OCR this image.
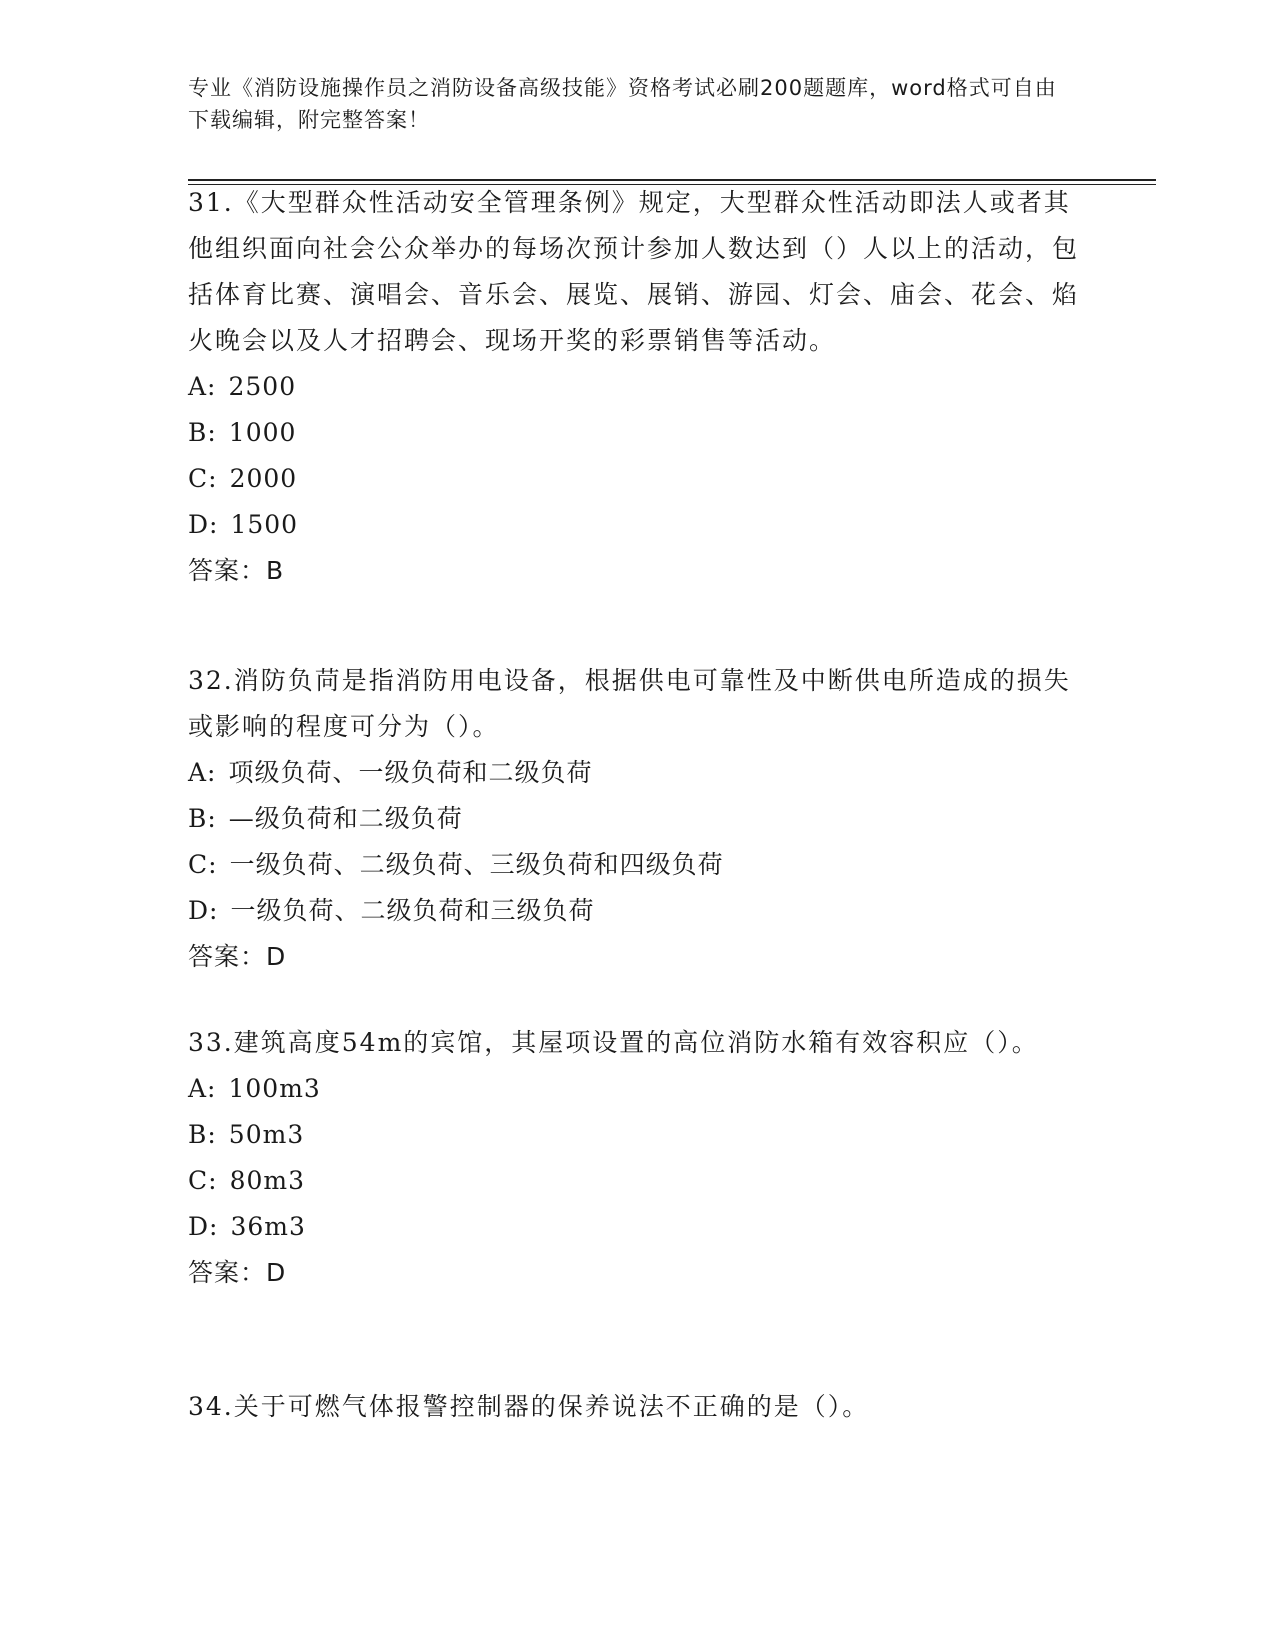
专业《消防设施操作员之消防设备高级技能》资格考试必刷200题题库，word格式可自由下载编辑，附完整答案！

31.《大型群众性活动安全管理条例》规定，大型群众性活动即法人或者其他组织面向社会公众举办的每场次预计参加人数达到（）人以上的活动，包括体育比赛、演唱会、音乐会、展览、展销、游园、灯会、庙会、花会、焰火晚会以及人才招聘会、现场开奖的彩票销售等活动。

A: 2500

B: 1000

C: 2000

D: 1500

答案：B

32.消防负苘是指消防用电设备，根据供电可靠性及中断供电所造成的损失或影响的程度可分为（）。

A: 项级负荷、一级负荷和二级负荷

B: —级负荷和二级负荷

C: 一级负荷、二级负荷、三级负荷和四级负荷

D: 一级负荷、二级负荷和三级负荷

答案：D

33.建筑高度54m的宾馆，其屋项设置的高位消防水箱有效容积应（）。

A: 100m3

B: 50m3

C: 80m3

D: 36m3

答案：D

34.关于可燃气体报警控制器的保养说法不正确的是（）。
